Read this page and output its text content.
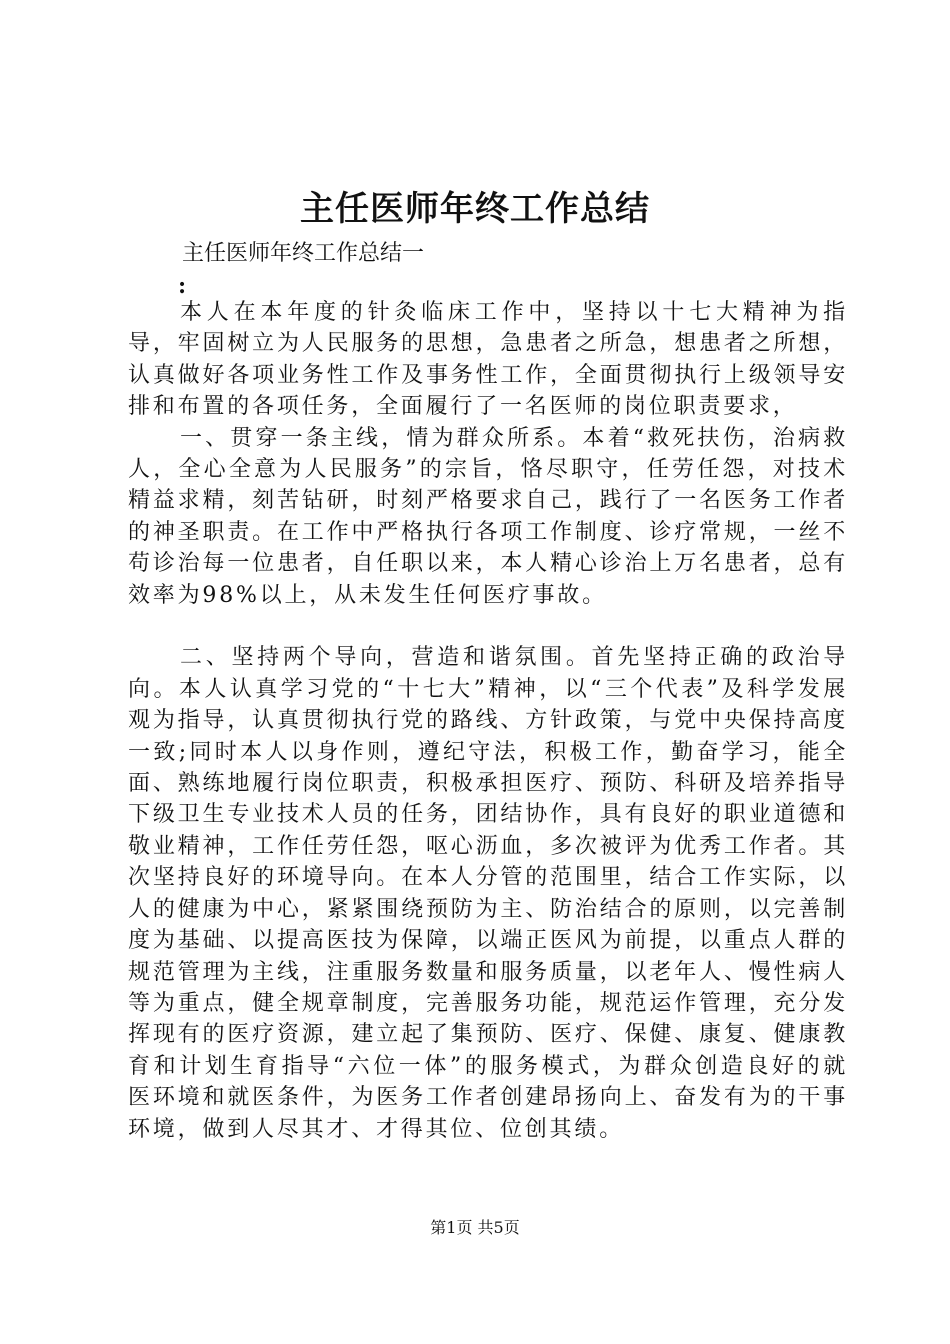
主任医师年终工作总结
主任医师年终工作总结一
:

本人在本年度的针灸临床工作中，坚持以十七大精神为指导，牢固树立为人民服务的思想，急患者之所急，想患者之所想，认真做好各项业务性工作及事务性工作，全面贯彻执行上级领导安排和布置的各项任务，全面履行了一名医师的岗位职责要求，

一、贯穿一条主线，情为群众所系。本着“救死扶伤，治病救人，全心全意为人民服务”的宗旨，恪尽职守，任劳任怨，对技术精益求精，刻苦钻研，时刻严格要求自己，践行了一名医务工作者的神圣职责。在工作中严格执行各项工作制度、诊疗常规，一丝不苟诊治每一位患者，自任职以来，本人精心诊治上万名患者，总有效率为98%以上，从未发生任何医疗事故。

二、坚持两个导向，营造和谐氛围。首先坚持正确的政治导向。本人认真学习党的“十七大”精神，以“三个代表”及科学发展观为指导，认真贯彻执行党的路线、方针政策，与党中央保持高度一致;同时本人以身作则，遵纪守法，积极工作，勤奋学习，能全面、熟练地履行岗位职责，积极承担医疗、预防、科研及培养指导下级卫生专业技术人员的任务，团结协作，具有良好的职业道德和敬业精神，工作任劳任怨，呕心沥血，多次被评为优秀工作者。其次坚持良好的环境导向。在本人分管的范围里，结合工作实际，以人的健康为中心，紧紧围绕预防为主、防治结合的原则，以完善制度为基础、以提高医技为保障，以端正医风为前提，以重点人群的规范管理为主线，注重服务数量和服务质量，以老年人、慢性病人等为重点，健全规章制度，完善服务功能，规范运作管理，充分发挥现有的医疗资源，建立起了集预防、医疗、保健、康复、健康教育和计划生育指导“六位一体”的服务模式，为群众创造良好的就医环境和就医条件，为医务工作者创建昂扬向上、奋发有为的干事环境，做到人尽其才、才得其位、位创其绩。

第1页 共5页
